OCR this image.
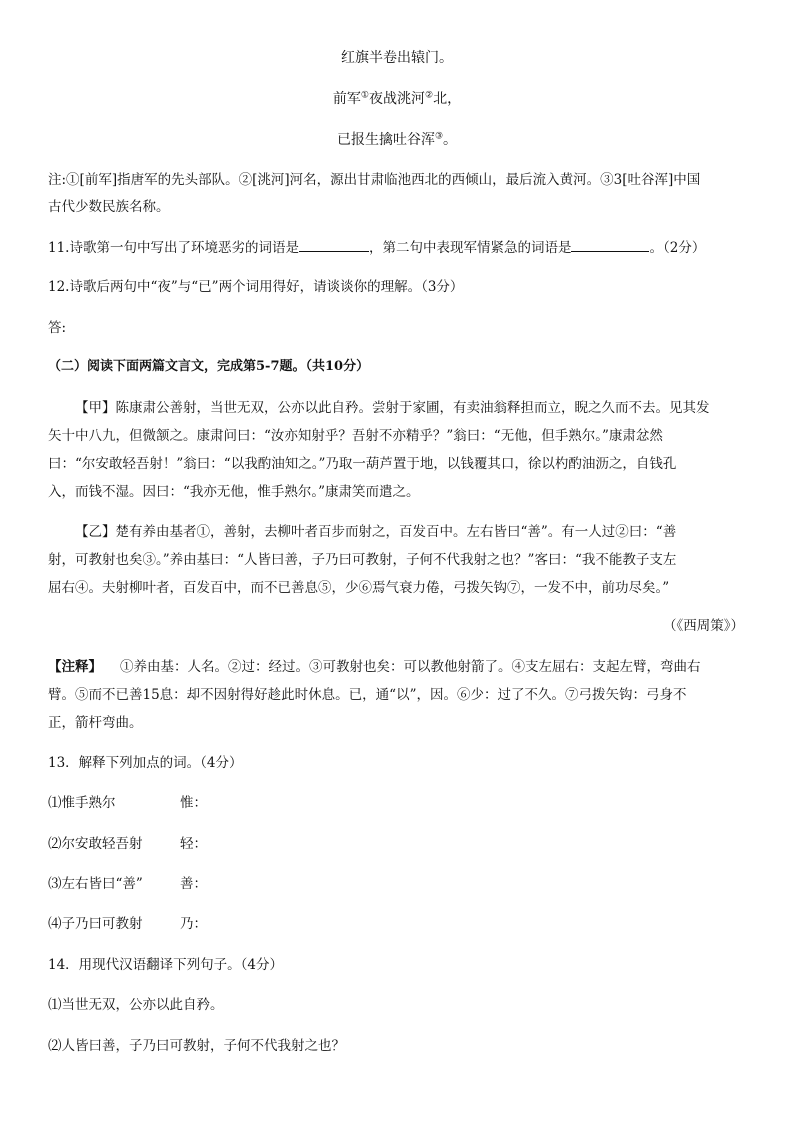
红旗半卷出辕门。
前军①夜战洮河②北，
已报生擒吐谷浑③。
注:①[前军]指唐军的先头部队。②[洮河]河名，源出甘肃临池西北的西倾山，最后流入黄河。③3[吐谷浑]中国
古代少数民族名称。
11.诗歌第一句中写出了环境恶劣的词语是	，第二句中表现军情紧急的词语是	。（2分）
12.诗歌后两句中“夜”与“已”两个词用得好，请谈谈你的理解。（3分）
答:
（二）阅读下面两篇文言文，完成第5-7题。（共10分）
【甲】陈康肃公善射，当世无双，公亦以此自矜。尝射于家圃，有卖油翁释担而立，睨之久而不去。见其发
矢十中八九，但微颔之。康肃问曰：“汝亦知射乎？吾射不亦精乎？”翁曰：“无他，但手熟尔。”康肃忿然
曰：“尔安敢轻吾射！”翁曰：“以我酌油知之。”乃取一葫芦置于地，以钱覆其口，徐以杓酌油沥之，自钱孔
入，而钱不湿。因曰：“我亦无他，惟手熟尔。”康肃笑而遣之。
【乙】楚有养由基者①，善射，去柳叶者百步而射之，百发百中。左右皆曰“善”。有一人过②曰：“善
射，可教射也矣③。”养由基曰：“人皆曰善，子乃曰可教射，子何不代我射之也？”客曰：“我不能教子支左
屈右④。夫射柳叶者，百发百中，而不已善息⑤，少⑥焉气衰力倦，弓拨矢钩⑦，一发不中，前功尽矣。”
（《西周策》）
【注释】 ①养由基：人名。②过：经过。③可教射也矣：可以教他射箭了。④支左屈右：支起左臂，弯曲右
臂。⑤而不已善15息：却不因射得好趁此时休息。已，通“以”，因。⑥少：过了不久。⑦弓拨矢钩：弓身不
正，箭杆弯曲。
13．解释下列加点的词。（4分）
⑴惟手熟尔	惟：
⑵尔安敢轻吾射	轻：
⑶左右皆曰“善”	善：
⑷子乃曰可教射	乃：
14．用现代汉语翻译下列句子。（4分）
⑴当世无双，公亦以此自矜。
⑵人皆曰善，子乃曰可教射，子何不代我射之也？
